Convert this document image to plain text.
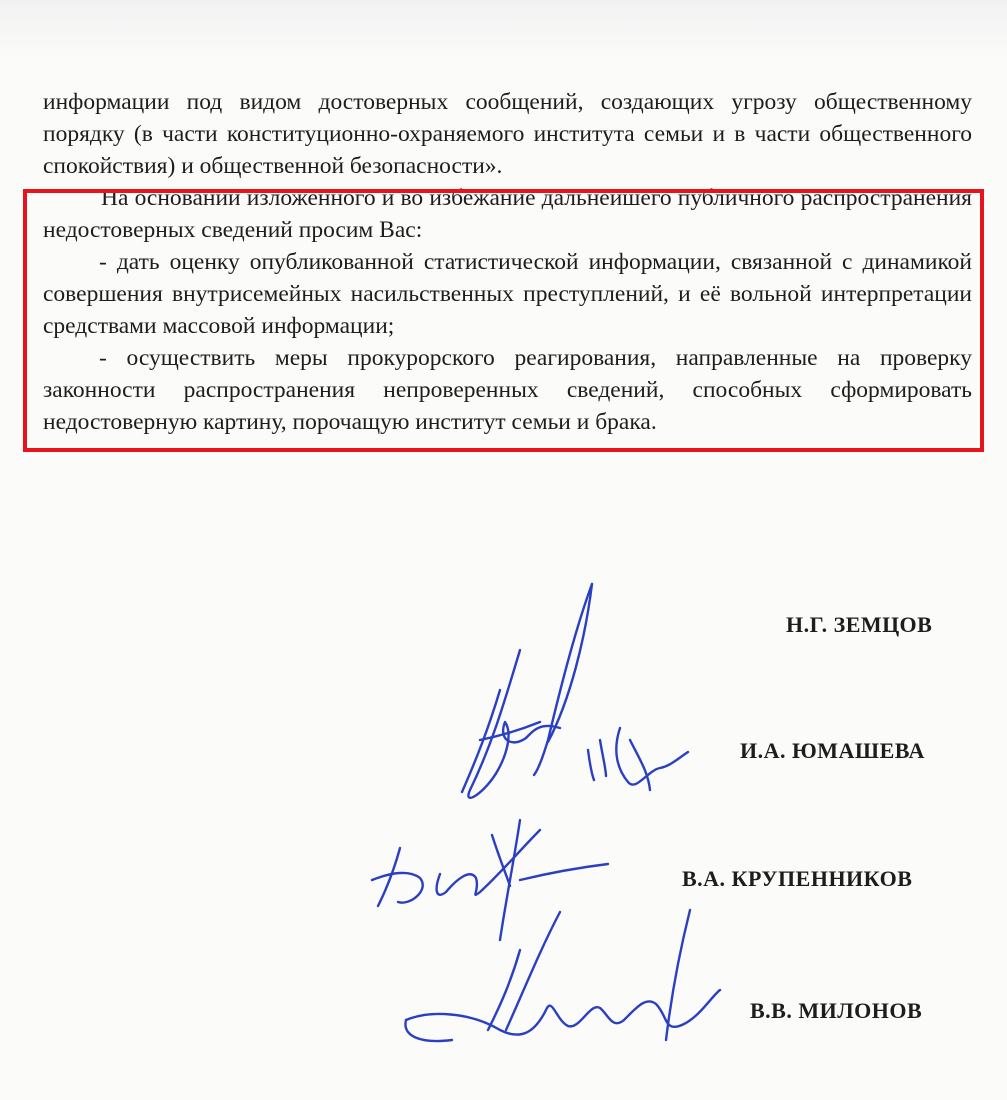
информации под видом достоверных сообщений, создающих угрозу общественному порядку (в части конституционно-охраняемого института семьи и в части общественного спокойствия) и общественной безопасности».

На основании изложенного и во избежание дальнейшего публичного распространения недостоверных сведений просим Вас:

- дать оценку опубликованной статистической информации, связанной с динамикой совершения внутрисемейных насильственных преступлений, и её вольной интерпретации средствами массовой информации;

- осуществить меры прокурорского реагирования, направленные на проверку законности распространения непроверенных сведений, способных сформировать недостоверную картину, порочащую институт семьи и брака.

Н.Г. ЗЕМЦОВ
И.А. ЮМАШЕВА
В.А. КРУПЕННИКОВ
В.В. МИЛОНОВ
